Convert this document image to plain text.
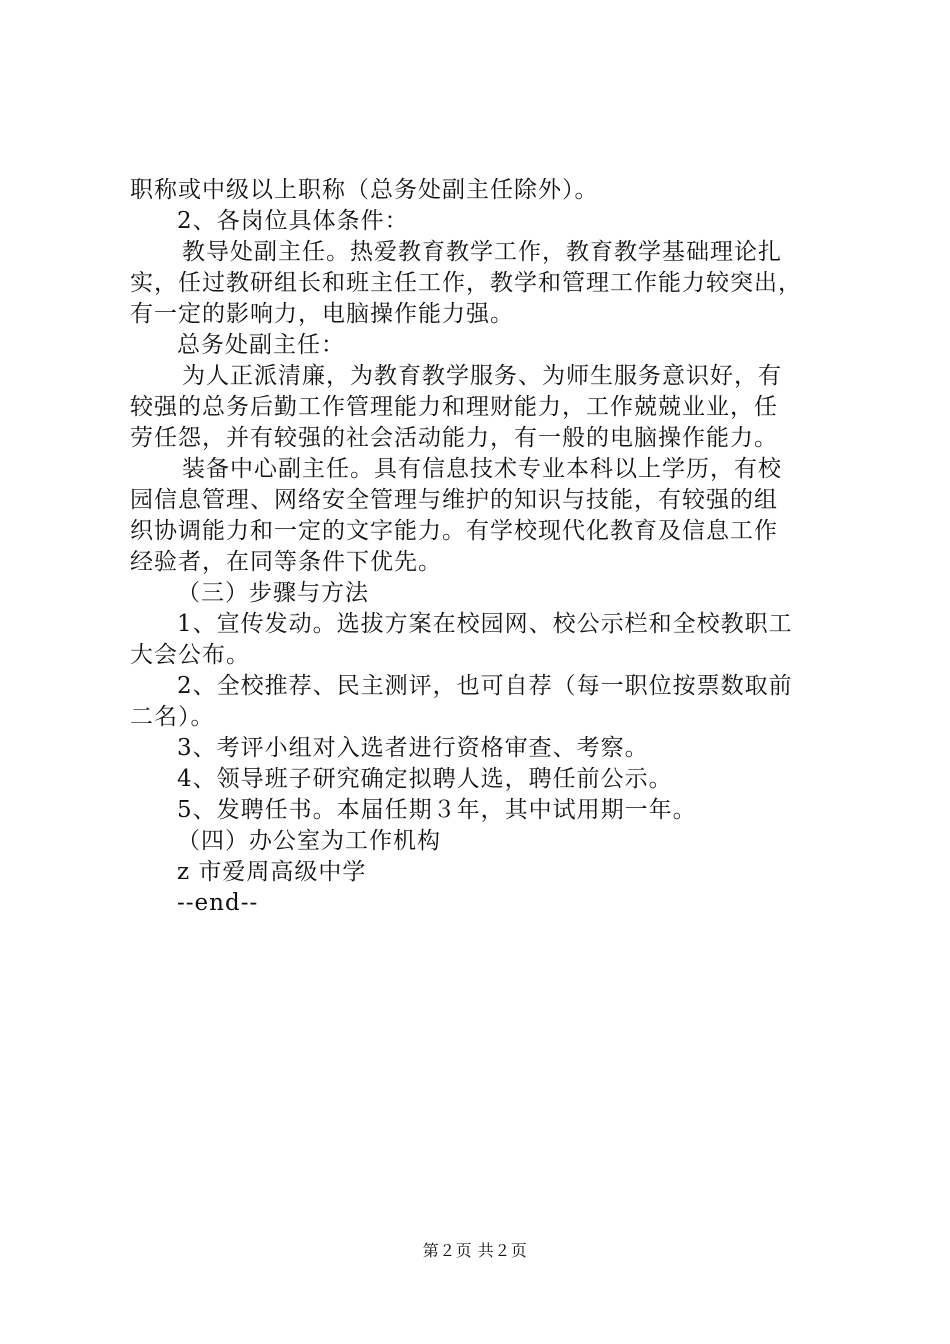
职称或中级以上职称（总务处副主任除外）。
2、各岗位具体条件：
教导处副主任。热爱教育教学工作，教育教学基础理论扎
实，任过教研组长和班主任工作，教学和管理工作能力较突出，
有一定的影响力，电脑操作能力强。
总务处副主任：
为人正派清廉，为教育教学服务、为师生服务意识好，有
较强的总务后勤工作管理能力和理财能力，工作兢兢业业，任
劳任怨，并有较强的社会活动能力，有一般的电脑操作能力。
装备中心副主任。具有信息技术专业本科以上学历，有校
园信息管理、网络安全管理与维护的知识与技能，有较强的组
织协调能力和一定的文字能力。有学校现代化教育及信息工作
经验者，在同等条件下优先。
（三）步骤与方法
1、宣传发动。选拔方案在校园网、校公示栏和全校教职工
大会公布。
2、全校推荐、民主测评，也可自荐（每一职位按票数取前
二名）。
3、考评小组对入选者进行资格审查、考察。
4、领导班子研究确定拟聘人选，聘任前公示。
5、发聘任书。本届任期３年，其中试用期一年。
（四）办公室为工作机构
z 市爱周高级中学
--end--
第２页 共２页
